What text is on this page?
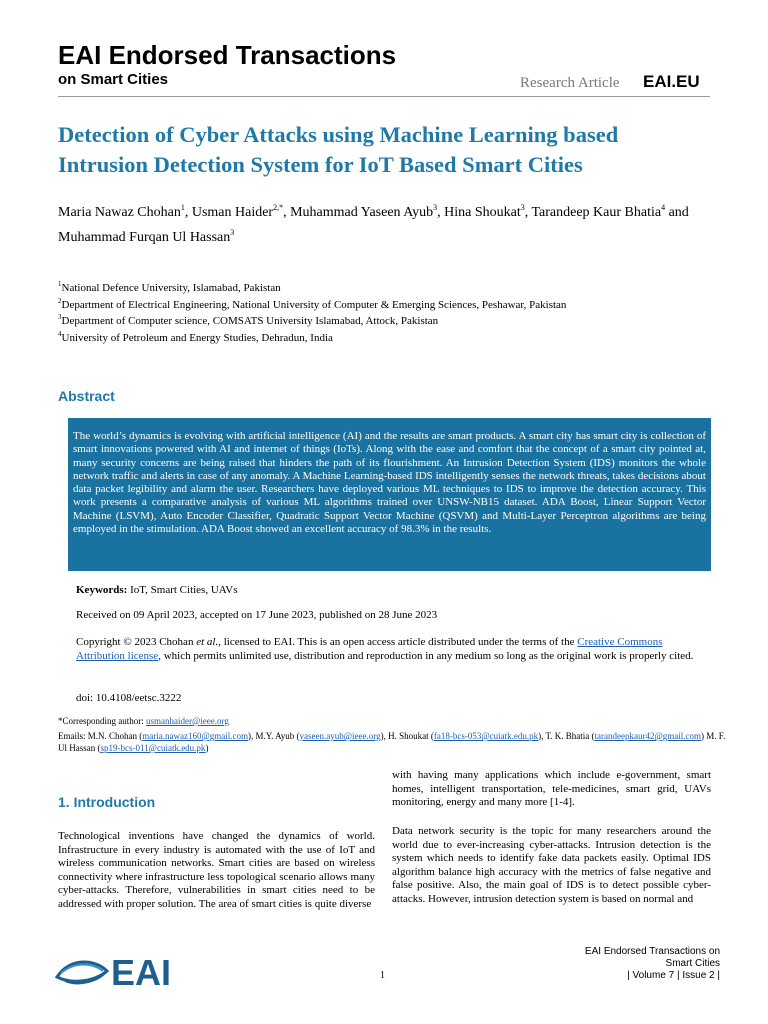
EAI Endorsed Transactions
on Smart Cities	Research Article EAI.EU
Detection of Cyber Attacks using Machine Learning based
Intrusion Detection System for IoT Based Smart Cities
Maria Nawaz Chohan$^1$, Usman Haider$^{2,*}$, Muhammad Yaseen Ayub$^3$, Hina Shoukat$^3$, Tarandeep Kaur Bhatia$^4$ and Muhammad Furqan Ul Hassan$^3$
$^1$National Defence University, Islamabad, Pakistan
$^2$Department of Electrical Engineering, National University of Computer & Emerging Sciences, Peshawar, Pakistan
$^3$Department of Computer science, COMSATS University Islamabad, Attock, Pakistan
$^4$University of Petroleum and Energy Studies, Dehradun, India
Abstract
The world’s dynamics is evolving with artificial intelligence (AI) and the results are smart products. A smart city has smart city is collection of smart innovations powered with AI and internet of things (IoTs). Along with the ease and comfort that the concept of a smart city pointed at, many security concerns are being raised that hinders the path of its flourishment. An Intrusion Detection System (IDS) monitors the whole network traffic and alerts in case of any anomaly. A Machine Learning-based IDS intelligently senses the network threats, takes decisions about data packet legibility and alarm the user. Researchers have deployed various ML techniques to IDS to improve the detection accuracy. This work presents a comparative analysis of various ML algorithms trained over UNSW-NB15 dataset. ADA Boost, Linear Support Vector Machine (LSVM), Auto Encoder Classifier, Quadratic Support Vector Machine (QSVM) and Multi-Layer Perceptron algorithms are being employed in the stimulation. ADA Boost showed an excellent accuracy of 98.3% in the results.
Keywords: IoT, Smart Cities, UAVs
Received on 09 April 2023, accepted on 17 June 2023, published on 28 June 2023
Copyright © 2023 Chohan et al., licensed to EAI. This is an open access article distributed under the terms of the Creative Commons Attribution license, which permits unlimited use, distribution and reproduction in any medium so long as the original work is properly cited.
doi: 10.4108/eetsc.3222
*Corresponding author: usmanhaider@ieee.org
Emails: M.N. Chohan (maria.nawaz160@gmail.com), M.Y. Ayub (yaseen.ayub@ieee.org), H. Shoukat (fa18-bcs-053@cuiatk.edu.pk), T. K. Bhatia (tarandeepkaur42@gmail.com) M. F. Ul Hassan (sp19-bcs-011@cuiatk.edu.pk)
with having many applications which include e-government, smart homes, intelligent transportation, tele-medicines, smart grid, UAVs monitoring, energy and many more [1-4].
1. Introduction
Technological inventions have changed the dynamics of world. Infrastructure in every industry is automated with the use of IoT and wireless communication networks. Smart cities are based on wireless connectivity where infrastructure less topological scenario allows many cyber-attacks. Therefore, vulnerabilities in smart cities need to be addressed with proper solution. The area of smart cities is quite diverse
Data network security is the topic for many researchers around the world due to ever-increasing cyber-attacks. Intrusion detection is the system which needs to identify fake data packets easily. Optimal IDS algorithm balance high accuracy with the metrics of false negative and false positive. Also, the main goal of IDS is to detect possible cyber-attacks. However, intrusion detection system is based on normal and
EAI	1
EAI Endorsed Transactions on
Smart Cities
| Volume 7 | Issue 2 |
